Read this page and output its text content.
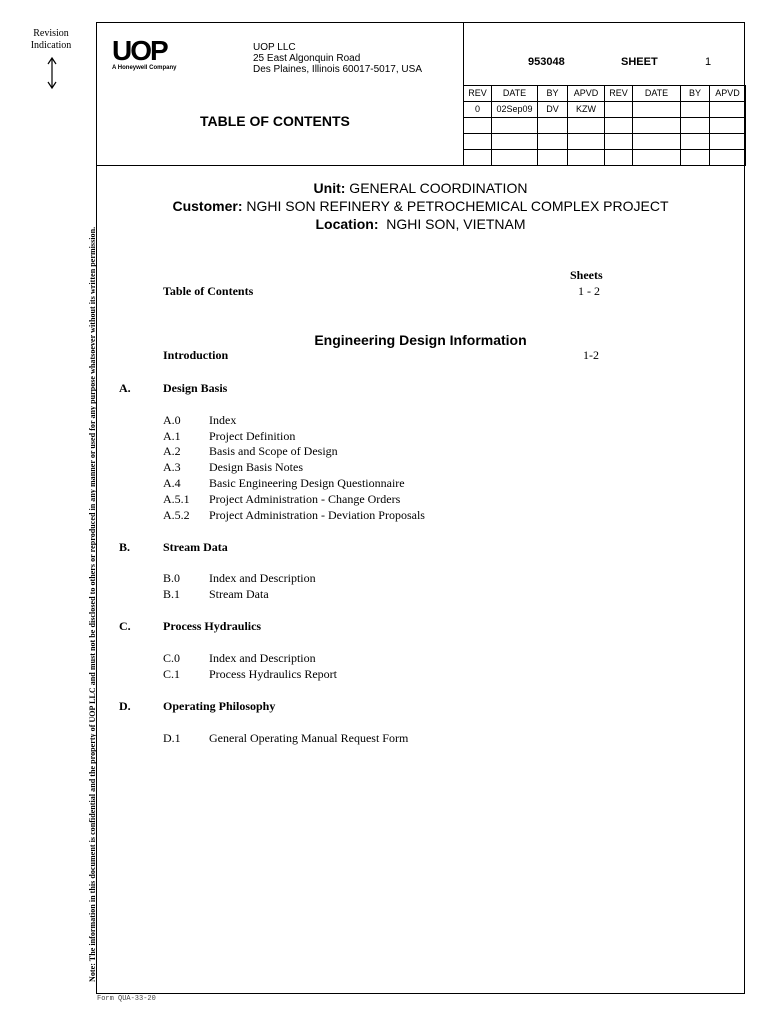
Revision Indication
Note: The information in this document is confidential and the property of UOP LLC and must not be disclosed to others or reproduced in any manner or used for any purpose whatsoever without its written permission.
UOP
A Honeywell Company
UOP LLC
25 East Algonquin Road
Des Plaines, Illinois 60017-5017, USA
TABLE OF CONTENTS
953048	SHEET	1
REV	DATE	BY	APVD	REV	DATE	BY	APVD
0	02Sep09	DV	KZW				

Unit: GENERAL COORDINATION
Customer: NGHI SON REFINERY & PETROCHEMICAL COMPLEX PROJECT
Location:  NGHI SON, VIETNAM
Sheets
Table of Contents	1 - 2
Engineering Design Information
Introduction	1-2
A.	Design Basis
A.0 Index
A.1 Project Definition
A.2 Basis and Scope of Design
A.3 Design Basis Notes
A.4 Basic Engineering Design Questionnaire
A.5.1 Project Administration - Change Orders
A.5.2 Project Administration - Deviation Proposals
B.	Stream Data
B.0 Index and Description
B.1 Stream Data
C.	Process Hydraulics
C.0 Index and Description
C.1 Process Hydraulics Report
D.	Operating Philosophy
D.1 General Operating Manual Request Form
Form QUA-33-20
